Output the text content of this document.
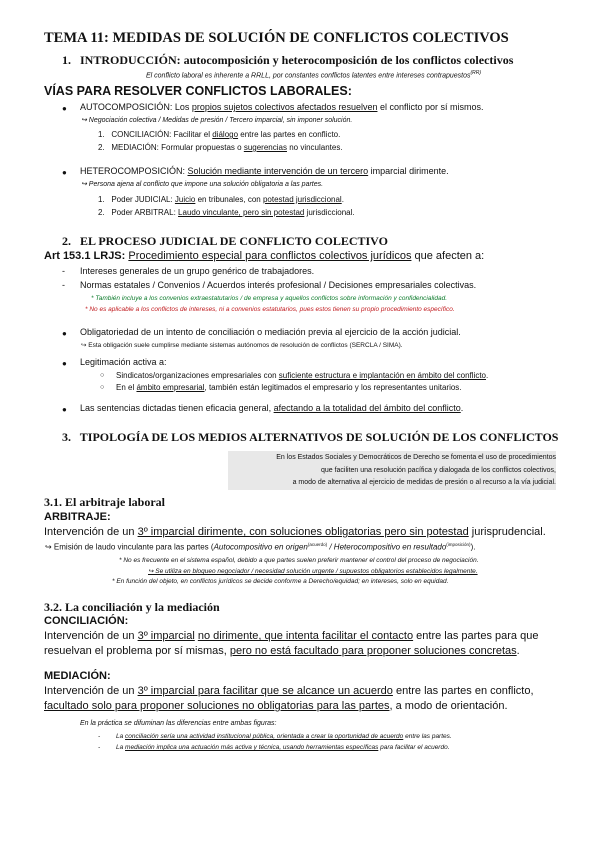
TEMA 11: MEDIDAS DE SOLUCIÓN DE CONFLICTOS COLECTIVOS
1. INTRODUCCIÓN: autocomposición y heterocomposición de los conflictos colectivos
El conflicto laboral es inherente a RRLL, por constantes conflictos latentes entre intereses contrapuestos$^{(RR)}$
VÍAS PARA RESOLVER CONFLICTOS LABORALES:
● AUTOCOMPOSICIÓN: Los propios sujetos colectivos afectados resuelven el conflicto por sí mismos.
↪ Negociación colectiva / Medidas de presión / Tercero imparcial, sin imponer solución.
1. CONCILIACIÓN: Facilitar el diálogo entre las partes en conflicto.
2. MEDIACIÓN: Formular propuestas o sugerencias no vinculantes.
● HETEROCOMPOSICIÓN: Solución mediante intervención de un tercero imparcial dirimente.
↪ Persona ajena al conflicto que impone una solución obligatoria a las partes.
1. Poder JUDICIAL: Juicio en tribunales, con potestad jurisdiccional.
2. Poder ARBITRAL: Laudo vinculante, pero sin potestad jurisdiccional.
2. EL PROCESO JUDICIAL DE CONFLICTO COLECTIVO
Art 153.1 LRJS: Procedimiento especial para conflictos colectivos jurídicos que afecten a:
- Intereses generales de un grupo genérico de trabajadores.
- Normas estatales / Convenios / Acuerdos interés profesional / Decisiones empresariales colectivas.
* También incluye a los convenios extraestatutarios / de empresa y aquellos conflictos sobre información y confidencialidad.
* No es aplicable a los conflictos de intereses, ni a convenios estatutarios, pues estos tienen su propio procedimiento específico.
● Obligatoriedad de un intento de conciliación o mediación previa al ejercicio de la acción judicial.
↪ Esta obligación suele cumplirse mediante sistemas autónomos de resolución de conflictos (SERCLA / SIMA).
● Legitimación activa a:
○ Sindicatos/organizaciones empresariales con suficiente estructura e implantación en ámbito del conflicto.
○ En el ámbito empresarial, también están legitimados el empresario y los representantes unitarios.
● Las sentencias dictadas tienen eficacia general, afectando a la totalidad del ámbito del conflicto.
3. TIPOLOGÍA DE LOS MEDIOS ALTERNATIVOS DE SOLUCIÓN DE LOS CONFLICTOS
En los Estados Sociales y Democráticos de Derecho se fomenta el uso de procedimientos
que faciliten una resolución pacífica y dialogada de los conflictos colectivos,
a modo de alternativa al ejercicio de medidas de presión o al recurso a la vía judicial.
3.1. El arbitraje laboral
ARBITRAJE:
Intervención de un 3º imparcial dirimente, con soluciones obligatorias pero sin potestad jurisprudencial.
↪ Emisión de laudo vinculante para las partes (Autocompositivo en origen$^{(acuerdo)}$ / Heterocompositivo en resultado$^{(imposición)}$).
* No es frecuente en el sistema español, debido a que partes suelen preferir mantener el control del proceso de negociación.
↪ Se utiliza en bloqueo negociador / necesidad solución urgente / supuestos obligatorios establecidos legalmente.
* En función del objeto, en conflictos jurídicos se decide conforme a Derecho/equidad; en intereses, solo en equidad.
3.2. La conciliación y la mediación
CONCILIACIÓN:
Intervención de un 3º imparcial no dirimente, que intenta facilitar el contacto entre las partes para que
resuelvan el problema por sí mismas, pero no está facultado para proponer soluciones concretas.
MEDIACIÓN:
Intervención de un 3º imparcial para facilitar que se alcance un acuerdo entre las partes en conflicto,
facultado solo para proponer soluciones no obligatorias para las partes, a modo de orientación.
En la práctica se difuminan las diferencias entre ambas figuras:
- La conciliación sería una actividad institucional pública, orientada a crear la oportunidad de acuerdo entre las partes.
- La mediación implica una actuación más activa y técnica, usando herramientas específicas para facilitar el acuerdo.
